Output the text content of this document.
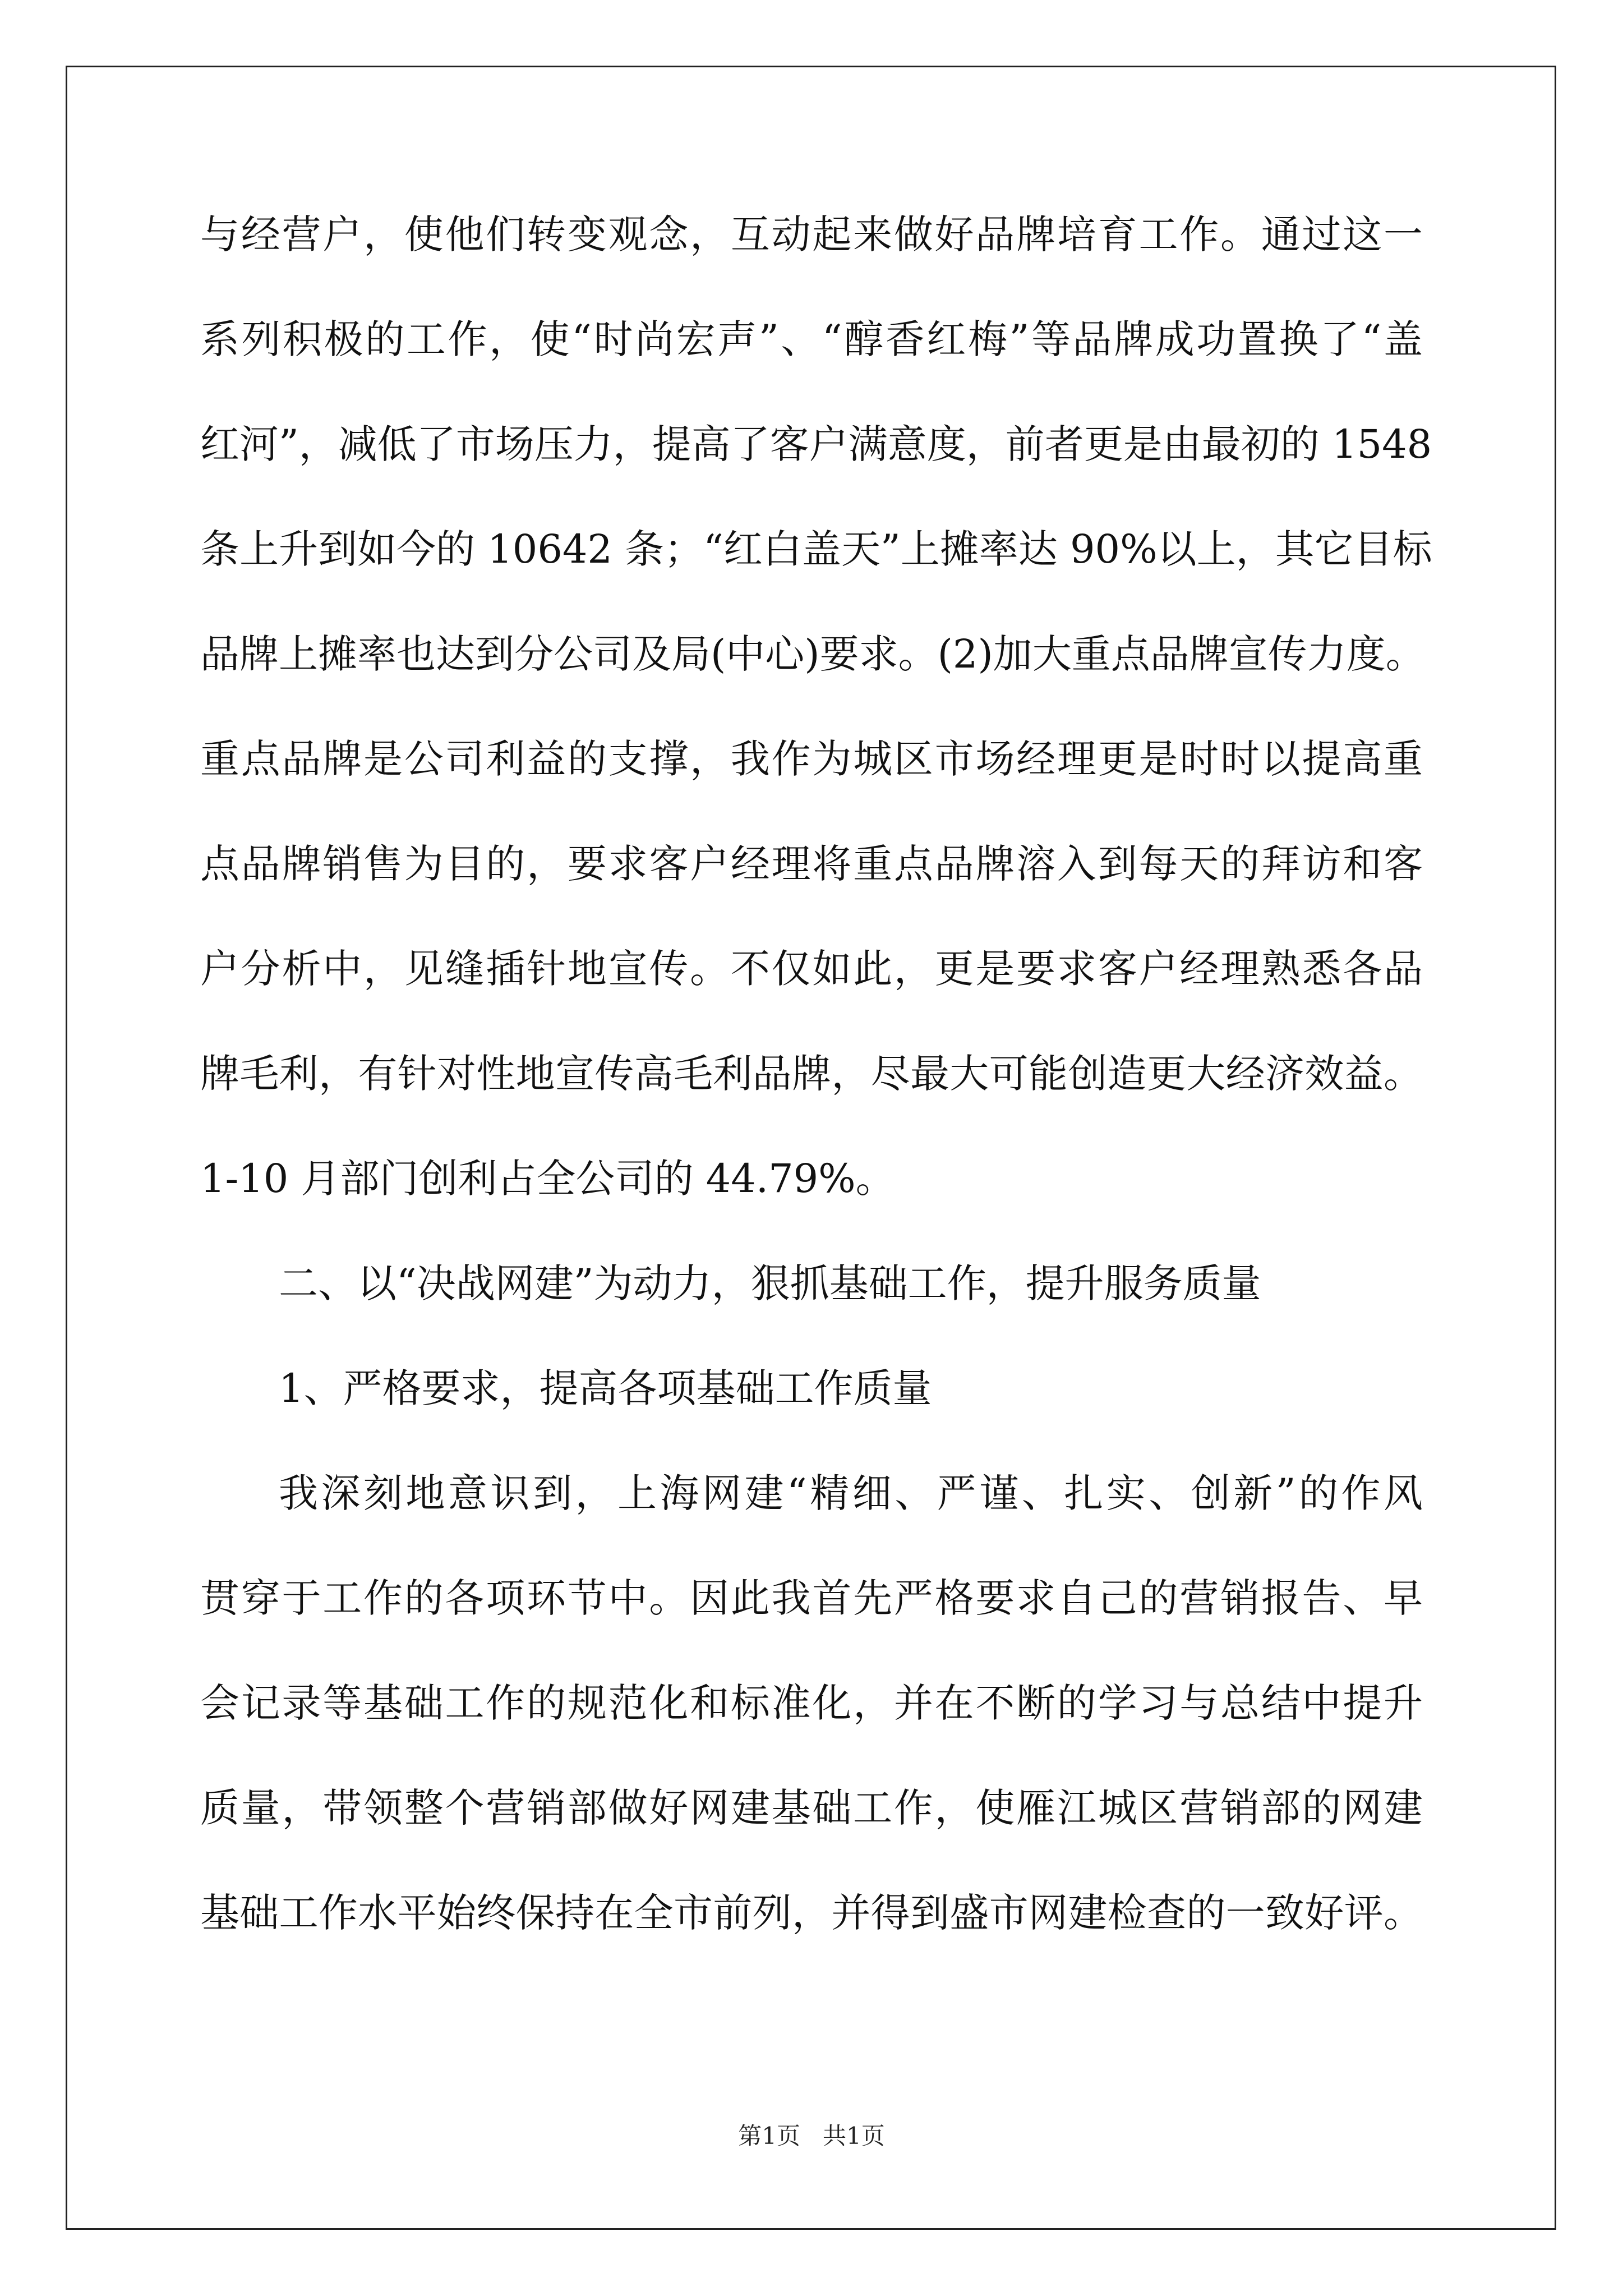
与经营户，使他们转变观念，互动起来做好品牌培育工作。通过这一
系列积极的工作，使“时尚宏声”、“醇香红梅”等品牌成功置换了“盖
红河”，减低了市场压力，提高了客户满意度，前者更是由最初的 1548
条上升到如今的 10642 条；“红白盖天”上摊率达 90%以上，其它目标
品牌上摊率也达到分公司及局(中心)要求。(2)加大重点品牌宣传力度。
重点品牌是公司利益的支撑，我作为城区市场经理更是时时以提高重
点品牌销售为目的，要求客户经理将重点品牌溶入到每天的拜访和客
户分析中，见缝插针地宣传。不仅如此，更是要求客户经理熟悉各品
牌毛利，有针对性地宣传高毛利品牌，尽最大可能创造更大经济效益。
1-10 月部门创利占全公司的 44.79%。
二、以“决战网建”为动力，狠抓基础工作，提升服务质量
1、严格要求，提高各项基础工作质量
我深刻地意识到，上海网建“精细、严谨、扎实、创新”的作风
贯穿于工作的各项环节中。因此我首先严格要求自己的营销报告、早
会记录等基础工作的规范化和标准化，并在不断的学习与总结中提升
质量，带领整个营销部做好网建基础工作，使雁江城区营销部的网建
基础工作水平始终保持在全市前列，并得到盛市网建检查的一致好评。
第1页   共1页
